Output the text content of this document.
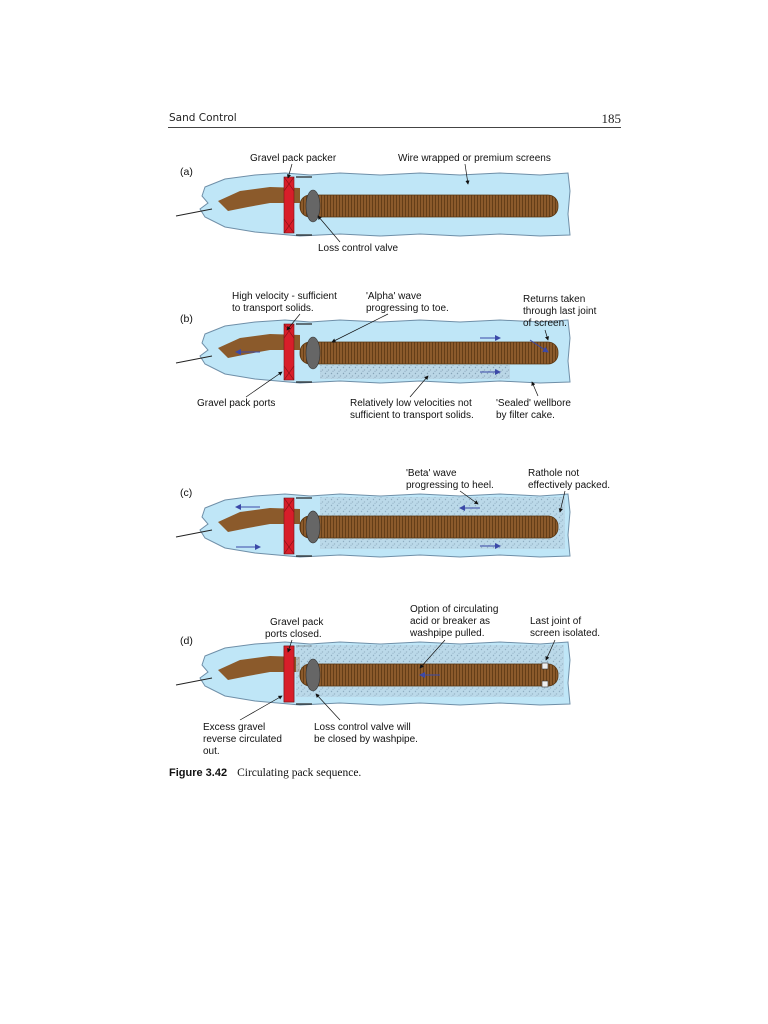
Sand Control	185
(a)
Gravel pack packer	Wire wrapped or premium screens
Loss control valve
(b)
High velocity - sufficient
to transport solids.
'Alpha' wave
progressing to toe.
Returns taken
through last joint
of screen.
Gravel pack ports	Relatively low velocities not
sufficient to transport solids.
'Sealed' wellbore
by filter cake.
(c)
'Beta' wave
progressing to heel.
Rathole not
effectively packed.
(d)
Option of circulating
acid or breaker as
washpipe pulled.
Gravel pack
ports closed.
Last joint of
screen isolated.
Excess gravel
reverse circulated
out.
Loss control valve will
be closed by washpipe.
Figure 3.42 Circulating pack sequence.
